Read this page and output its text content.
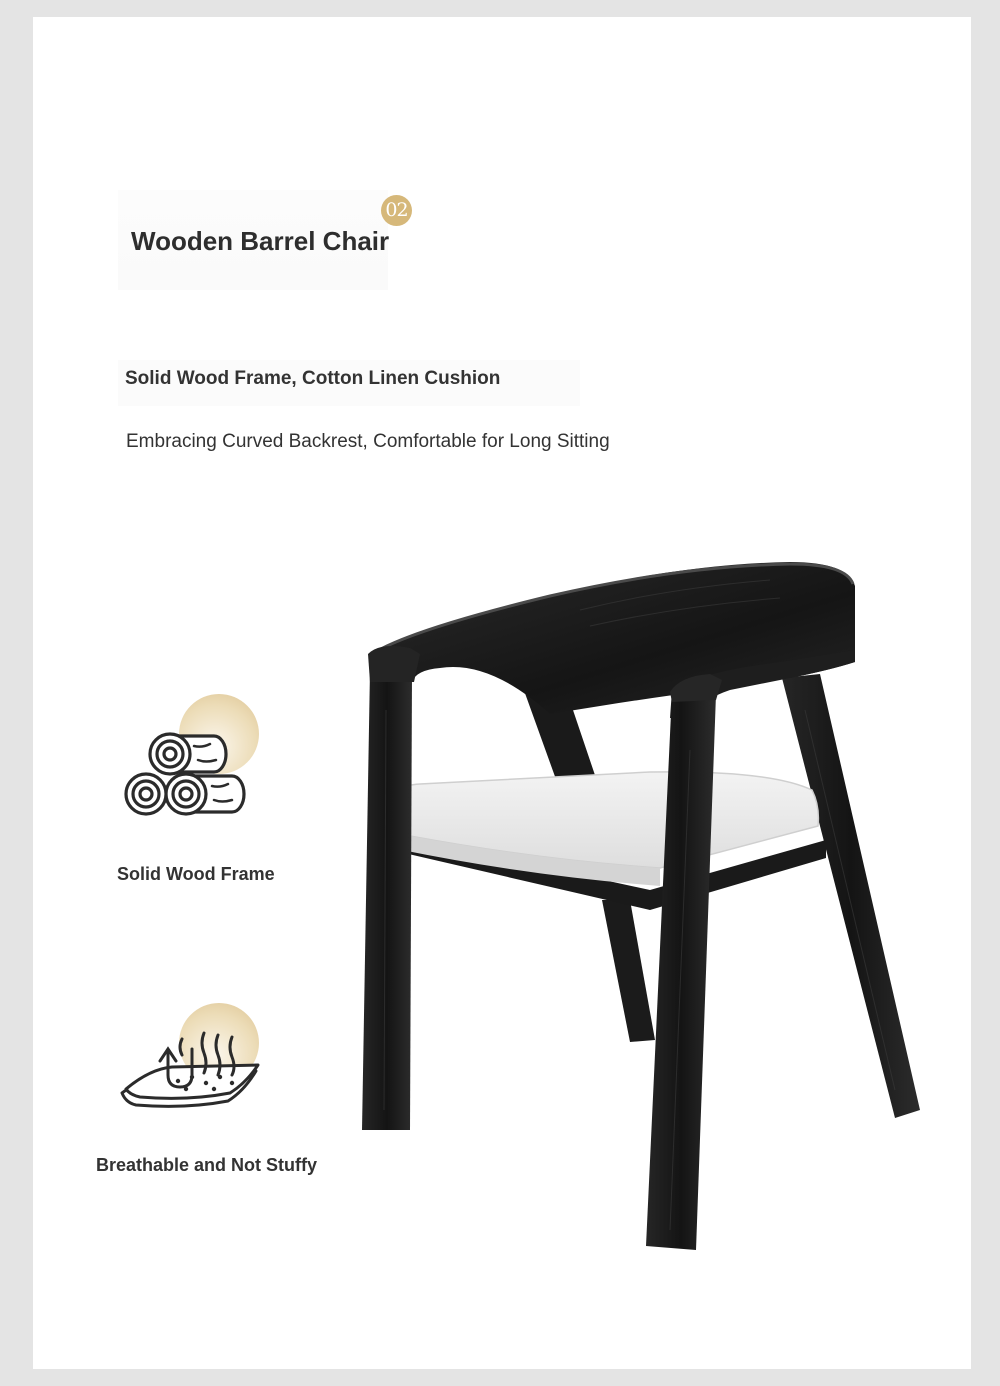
02
Wooden Barrel Chair
Solid Wood Frame, Cotton Linen Cushion
Embracing Curved Backrest, Comfortable for Long Sitting
Solid Wood Frame
Breathable and Not Stuffy
